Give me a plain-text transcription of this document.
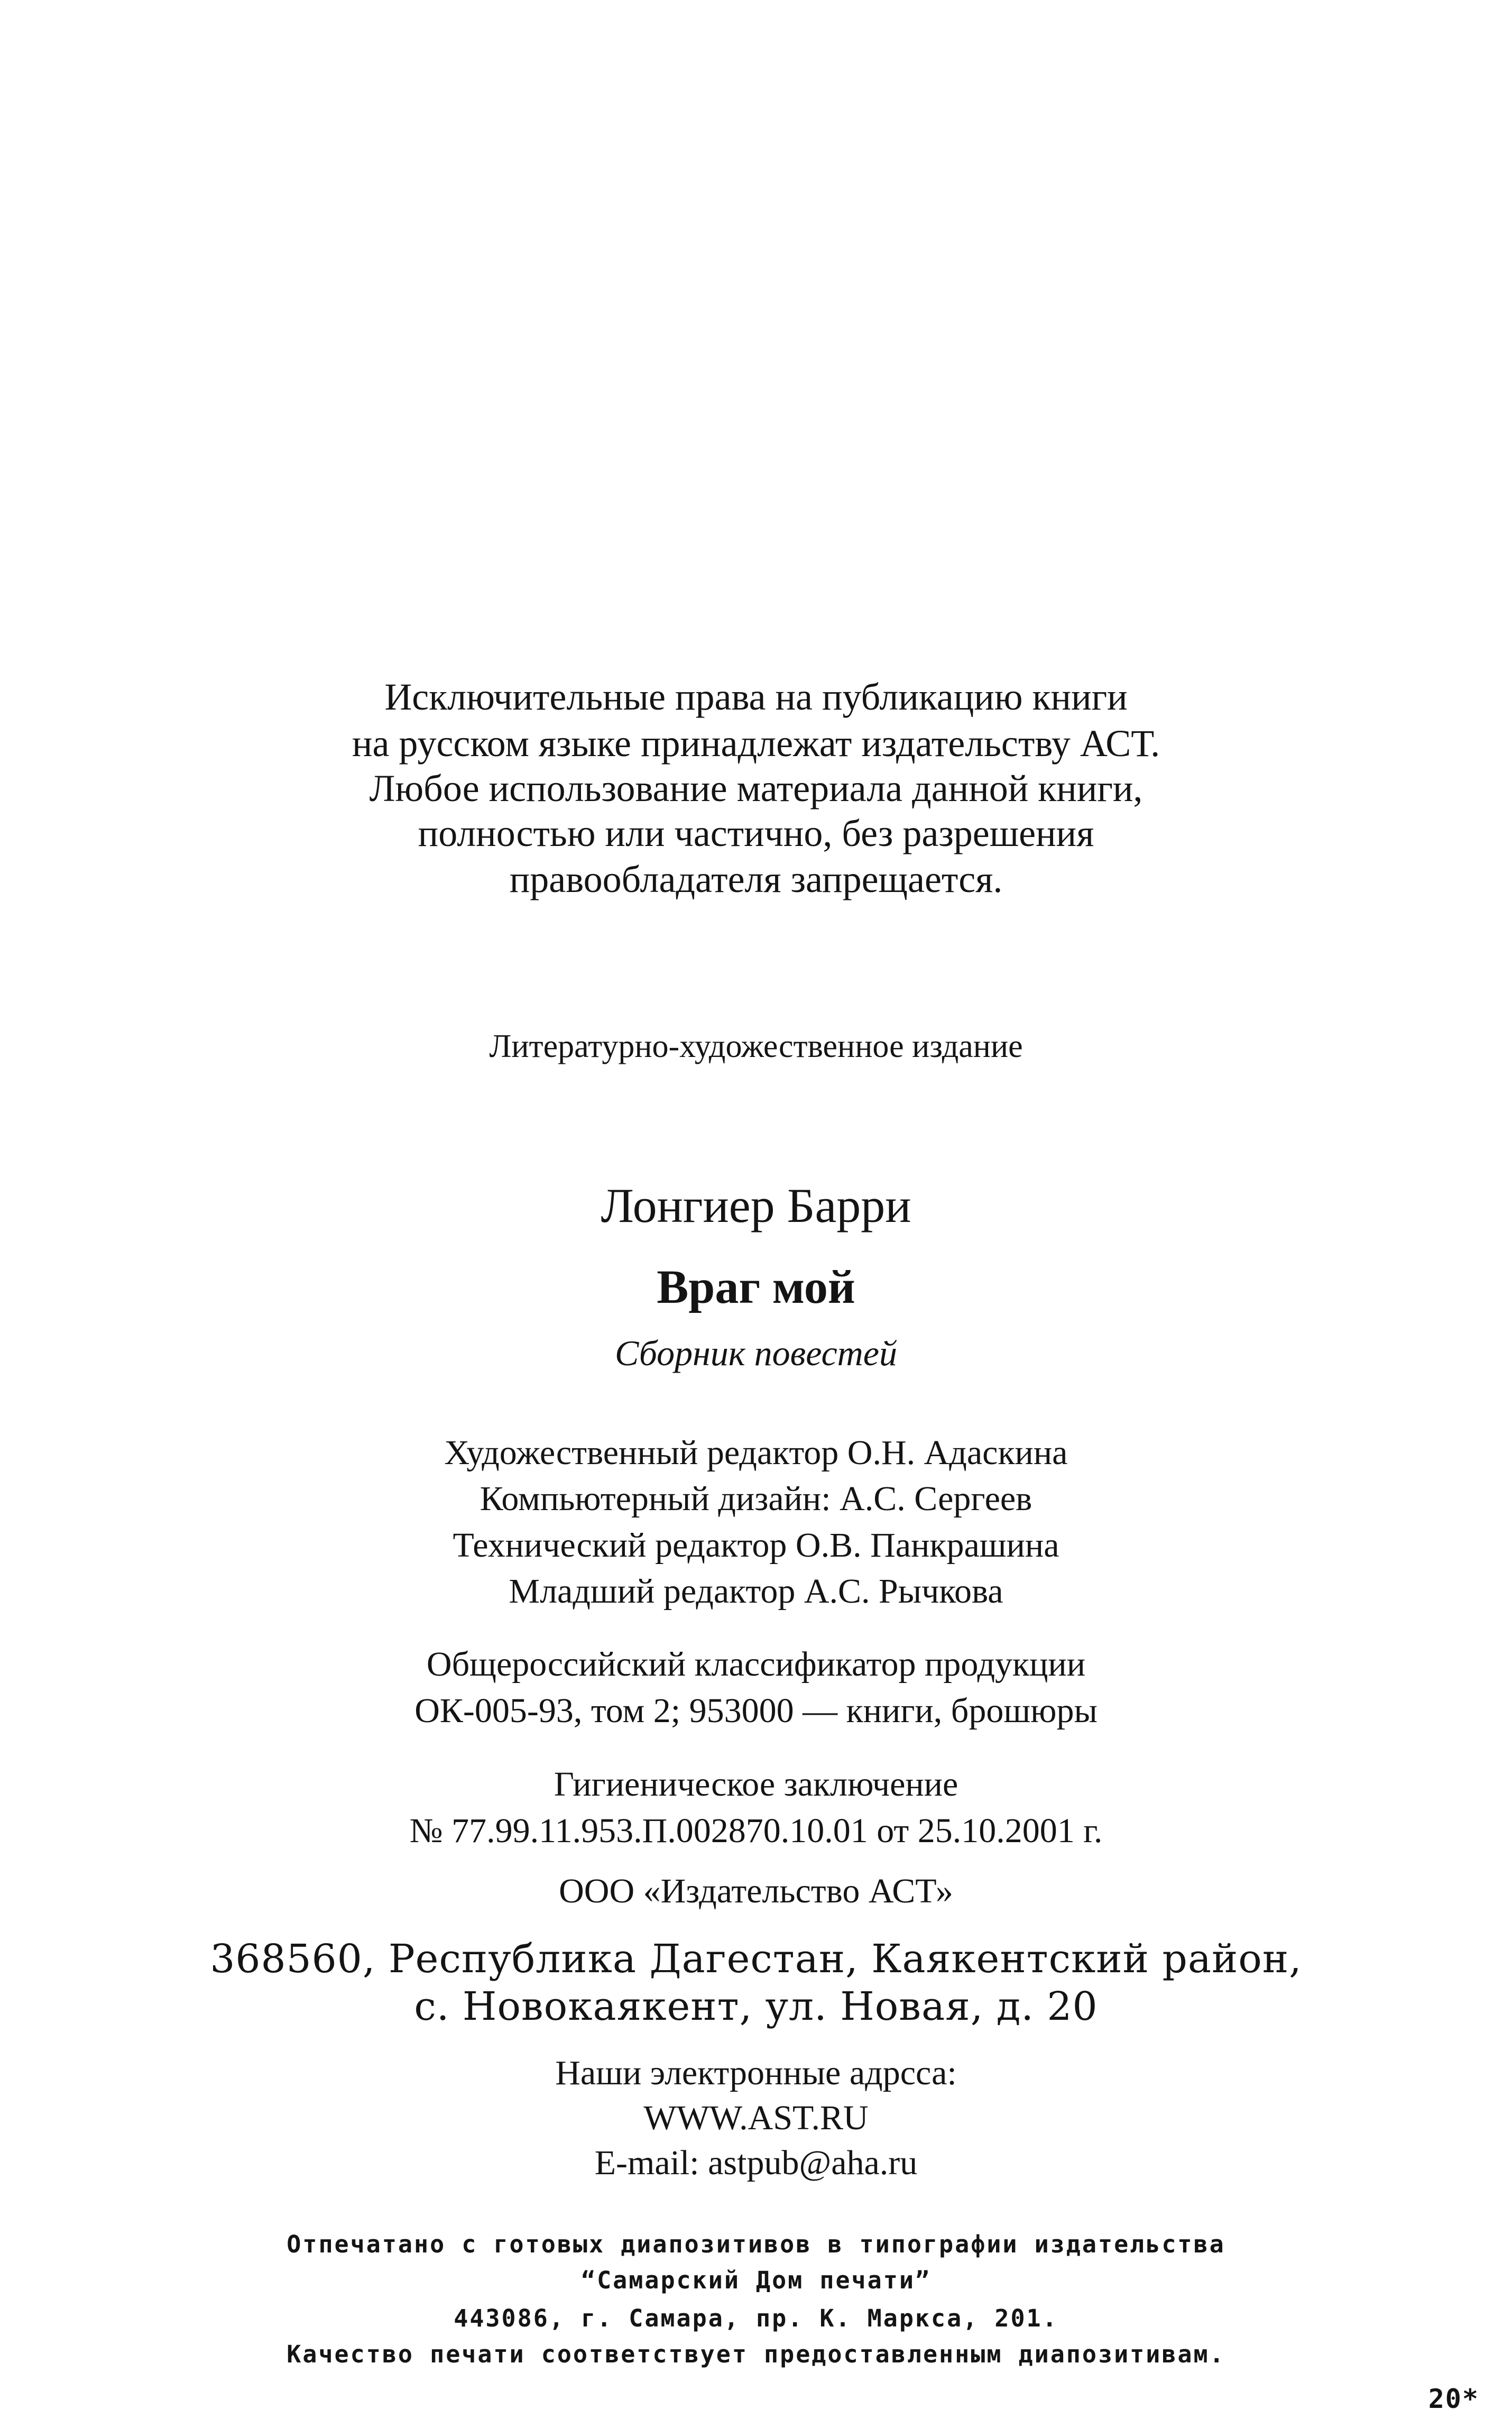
Исключительные права на публикацию книги
на русском языке принадлежат издательству АСТ.
Любое использование материала данной книги,
полностью или частично, без разрешения
правообладателя запрещается.
Литературно-художественное издание
Лонгиер Барри
Враг мой
Сборник повестей
Художественный редактор О.Н. Адаскина
Компьютерный дизайн: А.С. Сергеев
Технический редактор О.В. Панкрашина
Младший редактор А.С. Рычкова
Общероссийский классификатор продукции
ОК-005-93, том 2; 953000 — книги, брошюры
Гигиеническое заключение
№ 77.99.11.953.П.002870.10.01 от 25.10.2001 г.
ООО «Издательство АСТ»
368560, Республика Дагестан, Каякентский район,
с. Новокаякент, ул. Новая, д. 20
Наши электронные адрсса:
WWW.AST.RU
E-mail: astpub@aha.ru
Отпечатано с готовых диапозитивов в типографии издательства
“Самарский Дом печати”
443086, г. Самара, пр. К. Маркса, 201.
Качество печати соответствует предоставленным диапозитивам.
20*
